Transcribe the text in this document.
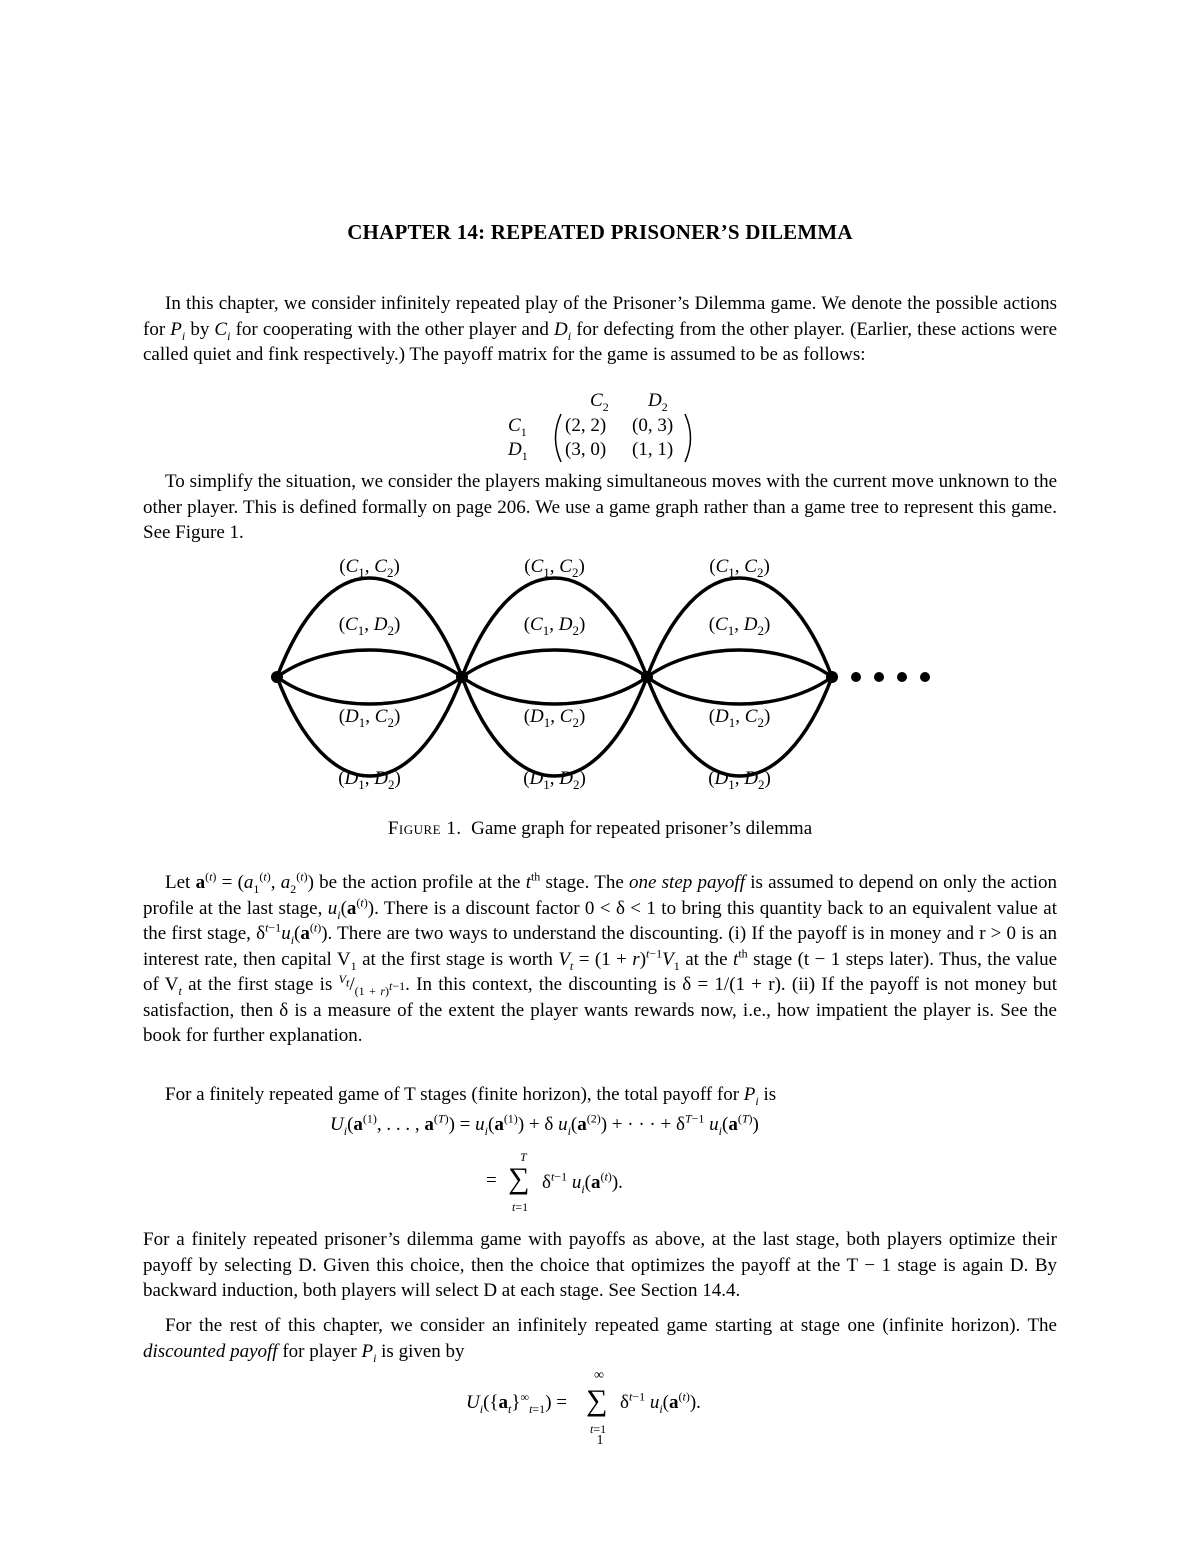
CHAPTER 14: REPEATED PRISONER’S DILEMMA

In this chapter, we consider infinitely repeated play of the Prisoner’s Dilemma game. We denote the possible actions for $P_i$ by $C_i$ for cooperating with the other player and $D_i$ for defecting from the other player. (Earlier, these actions were called quiet and fink respectively.) The payoff matrix for the game is assumed to be as follows:

$C_2$ $D_2$
$C_1$
$D_1$
(2, 2) (0, 3)
(3, 0) (1, 1)

To simplify the situation, we consider the players making simultaneous moves with the current move unknown to the other player. This is defined formally on page 206. We use a game graph rather than a game tree to represent this game. See Figure 1.

($C_1$, $C_2$)
($C_1$, $D_2$)
($D_1$, $C_2$)
($D_1$, $D_2$)
($C_1$, $C_2$)
($C_1$, $D_2$)
($D_1$, $C_2$)
($D_1$, $D_2$)
($C_1$, $C_2$)
($C_1$, $D_2$)
($D_1$, $C_2$)
($D_1$, $D_2$)
Figure 1. Game graph for repeated prisoner’s dilemma

Let $a^{(t)} = (a_1^{(t)}$, $a_2^{(t)}$) be the action profile at the $t^{th}$ stage. The one step payoff is assumed to depend on only the action profile at the last stage, $u_i(a^{(t)})$. There is a discount factor 0 < δ < 1 to bring this quantity back to an equivalent value at the first stage, $\delta^{t-1}u_i(a^{(t)})$. There are two ways to understand the discounting. (i) If the payoff is in money and r > 0 is an interest rate, then capital $V_1$ at the first stage is worth $V_t = (1 + r)^{t-1}V_1$ at the $t^{th}$ stage (t − 1 steps later). Thus, the value of $V_t$ at the first stage is $^{V_t}/_{(1 + r)^{t-1}}$. In this context, the discounting is δ = 1/(1 + r). (ii) If the payoff is not money but satisfaction, then δ is a measure of the extent the player wants rewards now, i.e., how impatient the player is. See the book for further explanation.

For a finitely repeated game of T stages (finite horizon), the total payoff for $P_i$ is

$U_i(a^{(1)}$, . . . , $a^{(T)}) = u_i(a^{(1)}) + \delta$ $u_i(a^{(2)})$ + · · · + $\delta^{T-1}$ $u_i(a^{(T)})$
T
= ∑
t=1
$\delta^{t-1}$ $u_i(a^{(t)})$.

For a finitely repeated prisoner’s dilemma game with payoffs as above, at the last stage, both players optimize their payoff by selecting D. Given this choice, then the choice that optimizes the payoff at the T − 1 stage is again D. By backward induction, both players will select D at each stage. See Section 14.4.

For the rest of this chapter, we consider an infinitely repeated game starting at stage one (infinite horizon). The discounted payoff for player $P_i$ is given by

∞
$U_i(\{a_t\}^\infty_{t=1})$ = ∑
t=1
$\delta^{t-1}$ $u_i(a^{(t)})$.
1
